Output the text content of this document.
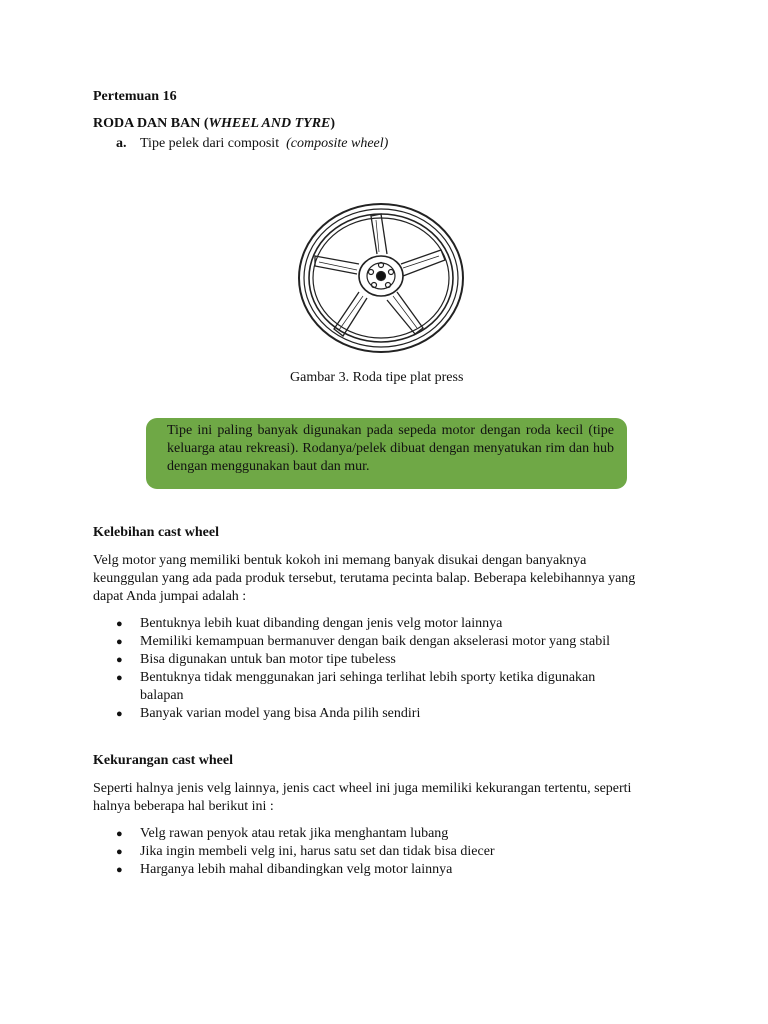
Pertemuan 16
RODA DAN BAN (WHEEL AND TYRE)
a. Tipe pelek dari composit (composite wheel)
Gambar 3. Roda tipe plat press
Tipe ini paling banyak digunakan pada sepeda motor dengan roda kecil (tipe keluarga atau rekreasi). Rodanya/pelek dibuat dengan menyatukan rim dan hub dengan menggunakan baut dan mur.
Kelebihan cast wheel
Velg motor yang memiliki bentuk kokoh ini memang banyak disukai dengan banyaknya keunggulan yang ada pada produk tersebut, terutama pecinta balap. Beberapa kelebihannya yang dapat Anda jumpai adalah :
● Bentuknya lebih kuat dibanding dengan jenis velg motor lainnya
● Memiliki kemampuan bermanuver dengan baik dengan akselerasi motor yang stabil
● Bisa digunakan untuk ban motor tipe tubeless
● Bentuknya tidak menggunakan jari sehinga terlihat lebih sporty ketika digunakan balapan
● Banyak varian model yang bisa Anda pilih sendiri
Kekurangan cast wheel
Seperti halnya jenis velg lainnya, jenis cact wheel ini juga memiliki kekurangan tertentu, seperti halnya beberapa hal berikut ini :
● Velg rawan penyok atau retak jika menghantam lubang
● Jika ingin membeli velg ini, harus satu set dan tidak bisa diecer
● Harganya lebih mahal dibandingkan velg motor lainnya
